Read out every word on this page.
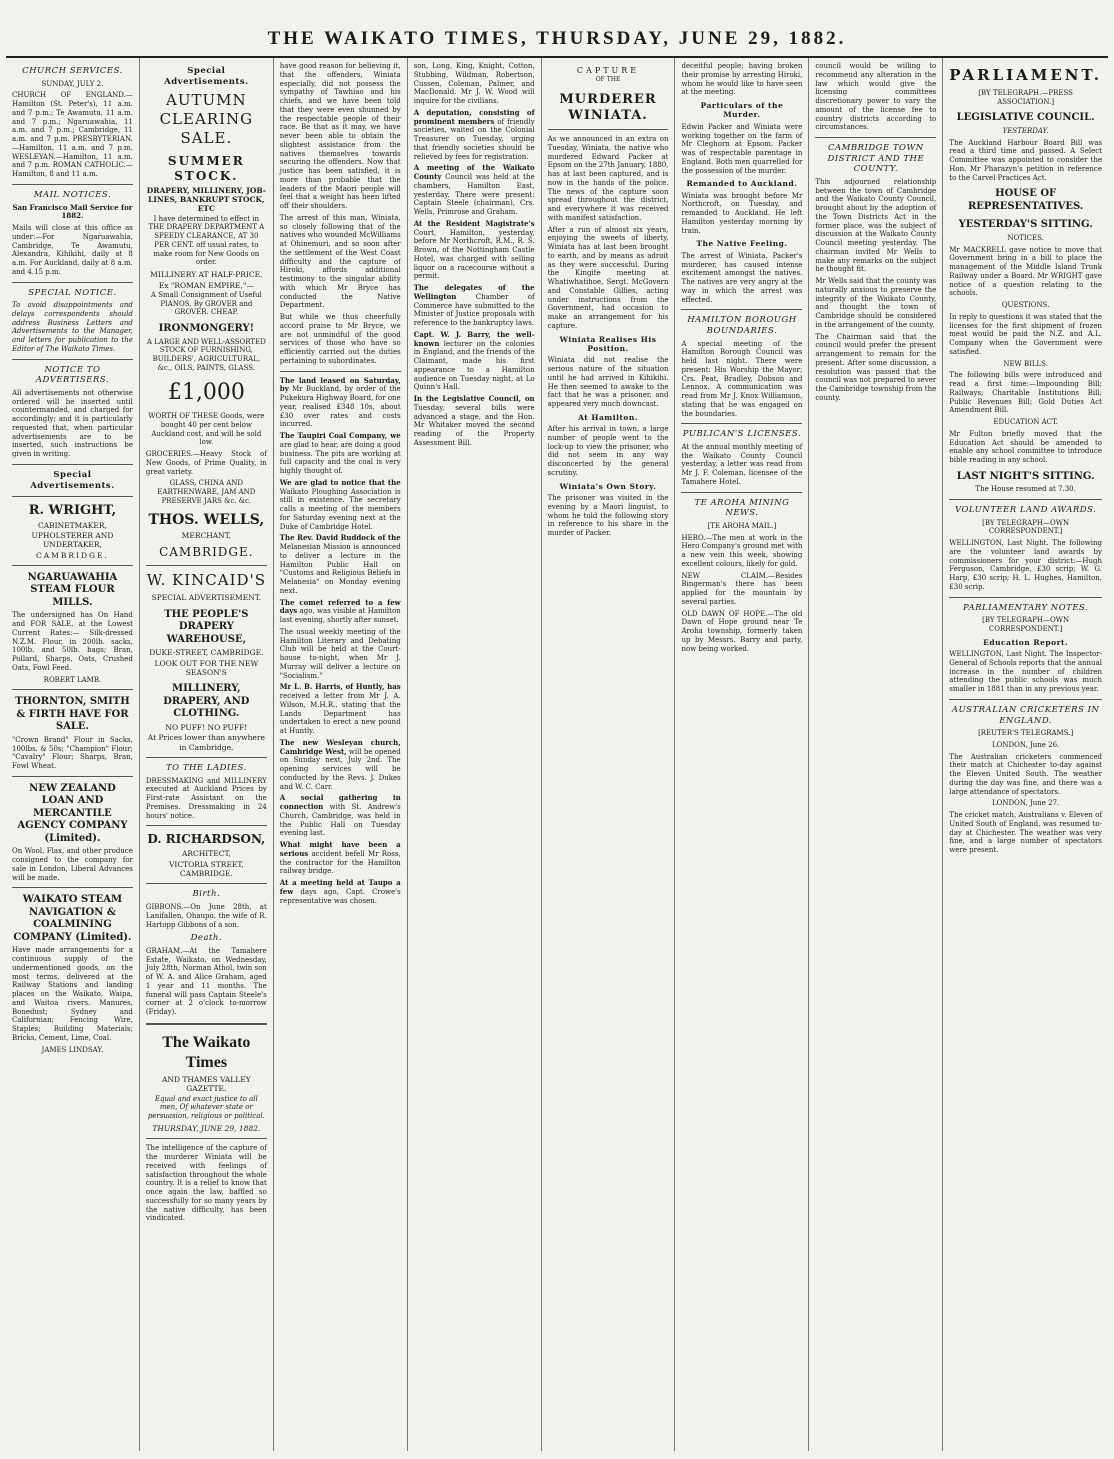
THE WAIKATO TIMES, THURSDAY, JUNE 29, 1882.
CHURCH SERVICES.

SUNDAY, JULY 2.

CHURCH OF ENGLAND.—Hamilton (St. Peter's), 11 a.m. and 7 p.m.; Te Awamutu, 11 a.m. and 7 p.m.; Ngaruawahia, 11 a.m. and 7 p.m.; Cambridge, 11 a.m. and 7 p.m. PRESBYTERIAN.—Hamilton, 11 a.m. and 7 p.m. WESLEYAN.—Hamilton, 11 a.m. and 7 p.m. ROMAN CATHOLIC.—Hamilton, 8 and 11 a.m.

MAIL NOTICES.

San Francisco Mail Service for 1882.

Mails will close at this office as under:—For Ngaruawahia, Cambridge, Te Awamutu, Alexandra, Kihikihi, daily at 8 a.m. For Auckland, daily at 8 a.m. and 4.15 p.m.

SPECIAL NOTICE.

To avoid disappointments and delays correspondents should address Business Letters and Advertisements to the Manager, and letters for publication to the Editor of The Waikato Times.

NOTICE TO ADVERTISERS.

All advertisements not otherwise ordered will be inserted until countermanded, and charged for accordingly; and it is particularly requested that, when particular advertisements are to be inserted, such instructions be given in writing.

Special Advertisements.
R. WRIGHT,
CABINETMAKER, UPHOLSTERER AND UNDERTAKER,
CAMBRIDGE.
NGARUAWAHIA STEAM FLOUR MILLS.

The undersigned has On Hand and FOR SALE, at the Lowest Current Rates:— Silk-dressed N.Z.M. Flour, in 200lb. sacks, 100lb. and 50lb. bags; Bran, Pollard, Sharps, Oats, Crushed Oats, Fowl Feed.

ROBERT LAMB.

THORNTON, SMITH & FIRTH HAVE FOR SALE.

"Crown Brand" Flour in Sacks, 100lbs. & 50s; "Champion" Flour; "Cavalry" Flour; Sharps, Bran, Fowl Wheat.

NEW ZEALAND LOAN AND MERCANTILE AGENCY COMPANY (Limited).

On Wool, Flax, and other produce consigned to the company for sale in London, Liberal Advances will be made.

WAIKATO STEAM NAVIGATION & COALMINING COMPANY (Limited).

Have made arrangements for a continuous supply of the undermentioned goods, on the most terms, delivered at the Railway Stations and landing places on the Waikato, Waipa, and Waitoa rivers. Manures, Bonedust; Sydney and Californian; Fencing Wire, Staples; Building Materials; Bricks, Cement, Lime, Coal.

JAMES LINDSAY.

Special Advertisements.
AUTUMN CLEARING SALE.
SUMMER STOCK.
DRAPERY, MILLINERY, JOB-LINES, BANKRUPT STOCK, ETC

I have determined to effect in THE DRAPERY DEPARTMENT A SPEEDY CLEARANCE, AT 30 PER CENT. off usual rates, to make room for New Goods on order.

MILLINERY AT HALF-PRICE.
Ex "ROMAN EMPIRE,"—

A Small Consignment of Useful PIANOS, By GROVER and GROVER. CHEAP.

IRONMONGERY!

A LARGE AND WELL-ASSORTED STOCK OF FURNISHING, BUILDERS', AGRICULTURAL, &c., OILS, PAINTS, GLASS.

£1,000

WORTH OF THESE Goods, were bought 40 per cent below Auckland cost, and will be sold low.

GROCERIES.—Heavy Stock of New Goods, of Prime Quality, in great variety.

GLASS, CHINA AND EARTHENWARE, JAM AND PRESERVE JARS &c. &c.

THOS. WELLS,
MERCHANT,
CAMBRIDGE.
W. KINCAID'S
SPECIAL ADVERTISEMENT.
THE PEOPLE'S DRAPERY WAREHOUSE,
DUKE-STREET, CAMBRIDGE.
LOOK OUT FOR THE NEW SEASON'S
MILLINERY, DRAPERY, AND CLOTHING.
NO PUFF! NO PUFF!
At Prices lower than anywhere in Cambridge.
TO THE LADIES.

DRESSMAKING and MILLINERY executed at Auckland Prices by First-rate Assistant on the Premises. Dressmaking in 24 hours' notice.

D. RICHARDSON,
ARCHITECT,
VICTORIA STREET, CAMBRIDGE.
Birth.

GIBBONS.—On June 28th, at Lanifallen, Ohaupo, the wife of R. Hartopp Gibbons of a son.

Death.

GRAHAM.—At the Tamahere Estate, Waikato, on Wednesday, July 28th, Norman Athol, twin son of W. A. and Alice Graham, aged 1 year and 11 months. The funeral will pass Captain Steele's corner at 2 o'clock to-morrow (Friday).

The Waikato Times
AND THAMES VALLEY GAZETTE.

Equal and exact justice to all men, Of whatever state or persuasion, religious or political.

THURSDAY, JUNE 29, 1882.

The intelligence of the capture of the murderer Winiata will be received with feelings of satisfaction throughout the whole country. It is a relief to know that once again the law, baffled so successfully for so many years by the native difficulty, has been vindicated.

have good reason for believing it, that the offenders, Winiata especially, did not possess the sympathy of Tawhiao and his chiefs, and we have been told that they were even shunned by the respectable people of their race. Be that as it may, we have never been able to obtain the slightest assistance from the natives themselves towards securing the offenders. Now that justice has been satisfied, it is more than probable that the leaders of the Maori people will feel that a weight has been lifted off their shoulders.

The arrest of this man, Winiata, so closely following that of the natives who wounded McWilliams at Ohinemuri, and so soon after the settlement of the West Coast difficulty and the capture of Hiroki, affords additional testimony to the singular ability with which Mr Bryce has conducted the Native Department.

But while we thus cheerfully accord praise to Mr Bryce, we are not unmindful of the good services of those who have so efficiently carried out the duties pertaining to subordinates.

The land leased on Saturday, by Mr Buckland, by order of the Pukekura Highway Board, for one year, realised £348 10s, about £30 over rates and costs incurred.

The Taupiri Coal Company, we are glad to hear, are doing a good business. The pits are working at full capacity and the coal is very highly thought of.

We are glad to notice that the Waikato Ploughing Association is still in existence. The secretary calls a meeting of the members for Saturday evening next at the Duke of Cambridge Hotel.

The Rev. David Ruddock of the Melanesian Mission is announced to deliver a lecture in the Hamilton Public Hall on "Customs and Religious Beliefs in Melanesia" on Monday evening next.

The comet referred to a few days ago, was visible at Hamilton last evening, shortly after sunset.

The usual weekly meeting of the Hamilton Literary and Debating Club will be held at the Court-house to-night, when Mr J. Murray will deliver a lecture on "Socialism."

Mr L. B. Harris, of Huntly, has received a letter from Mr J. A. Wilson, M.H.R., stating that the Lands Department has undertaken to erect a new pound at Huntly.

The new Wesleyan church, Cambridge West, will be opened on Sunday next, July 2nd. The opening services will be conducted by the Revs. J. Dukes and W. C. Carr.

A social gathering in connection with St. Andrew's Church, Cambridge, was held in the Public Hall on Tuesday evening last.

What might have been a serious accident befell Mr Ross, the contractor for the Hamilton railway bridge.

At a meeting held at Taupo a few days ago, Capt. Crowe's representative was chosen.

son, Long, King, Knight, Cotton, Stubbing, Wildman, Robertson, Cussen, Coleman, Palmer, and MacDonald. Mr J. W. Wood will inquire for the civilians.

A deputation, consisting of prominent members of friendly societies, waited on the Colonial Treasurer on Tuesday, urging that friendly societies should be relieved by fees for registration.

A meeting of the Waikato County Council was held at the chambers, Hamilton East, yesterday. There were present: Captain Steele (chairman), Crs. Wells, Primrose and Graham.

At the Resident Magistrate's Court, Hamilton, yesterday, before Mr Northcroft, R.M., R. S. Brown, of the Nottingham Castle Hotel, was charged with selling liquor on a racecourse without a permit.

The delegates of the Wellington	Chamber of Commerce have submitted to the Minister of Justice proposals with reference to the bankruptcy laws.

Capt. W. J. Barry, the well-known lecturer on the colonies in England, and the friends of the Claimant, made his first appearance to a Hamilton audience on Tuesday night, at Lo Quinn's Hall.

In the Legislative Council, on Tuesday, several bills were advanced a stage, and the Hon. Mr Whitaker moved the second reading of the Property Assessment Bill.

CAPTURE
OF THE
MURDERER WINIATA.

As we announced in an extra on Tuesday, Winiata, the native who murdered Edward Packer at Epsom on the 27th January, 1880, has at last been captured, and is now in the hands of the police. The news of the capture soon spread throughout the district, and everywhere it was received with manifest satisfaction.

After a run of almost six years, enjoying the sweets of liberty, Winiata has at last been brought to earth, and by means as adroit as they were successful. During the Kingite meeting at Whatiwhatihoe, Sergt. McGovern and Constable Gillies, acting under instructions from the Government, had occasion to make an arrangement for his capture.

Winiata Realises His Position.

Winiata did not realise the serious nature of the situation until he had arrived in Kihikihi. He then seemed to awake to the fact that he was a prisoner, and appeared very much downcast.

At Hamilton.

After his arrival in town, a large number of people went to the lock-up to view the prisoner, who did not seem in any way disconcerted by the general scrutiny.

Winiata's Own Story.

The prisoner was visited in the evening by a Maori linguist, to whom he told the following story in reference to his share in the murder of Packer.

deceitful people; having broken their promise by arresting Hiroki, whom he would like to have seen at the meeting.

Particulars of the Murder.

Edwin Packer and Winiata were working together on the farm of Mr Cleghorn at Epsom. Packer was of respectable parentage in England. Both men quarrelled for the possession of the murder.

Remanded to Auckland.

Winiata was brought before Mr Northcroft, on Tuesday, and remanded to Auckland. He left Hamilton yesterday morning by train.

The Native Feeling.

The arrest of Winiata, Packer's murderer, has caused intense excitement amongst the natives. The natives are very angry at the way in which the arrest was effected.

HAMILTON BOROUGH BOUNDARIES.

A special meeting of the Hamilton Borough Council was held last night. There were present: His Worship the Mayor; Crs. Peat, Bradley, Dobson and Lennox. A communication was read from Mr J. Knox Williamson, stating that he was engaged on the boundaries.

PUBLICAN'S LICENSES.

At the annual monthly meeting of the Waikato County Council yesterday, a letter was read from Mr J. F. Coleman, licensee of the Tamahere Hotel.

TE AROHA MINING NEWS.

[TE AROHA MAIL.]

HERO.—The men at work in the Hero Company's ground met with a new vein this week, showing excellent colours, likely for gold.

NEW CLAIM.—Besides Bingerman's there has been applied for the mountain by several parties.

OLD DAWN OF HOPE.—The old Dawn of Hope ground near Te Aroha township, formerly taken up by Messrs. Barry and party, now being worked.

council would be willing to recommend any alteration in the law which would give the licensing committees discretionary power to vary the amount of the license fee to country districts according to circumstances.

CAMBRIDGE TOWN DISTRICT AND THE COUNTY.

This adjourned relationship between the town of Cambridge and the Waikato County Council, brought about by the adoption of the Town Districts Act in the former place, was the subject of discussion at the Waikato County Council meeting yesterday. The chairman invited Mr Wells to make any remarks on the subject he thought fit.

Mr Wells said that the county was naturally anxious to preserve the integrity of the Waikato County, and thought the town of Cambridge should be considered in the arrangement of the county.

The Chairman said that the council would prefer the present arrangement to remain for the present. After some discussion, a resolution was passed that the council was not prepared to sever the Cambridge township from the county.

PARLIAMENT.

[BY TELEGRAPH.—PRESS ASSOCIATION.]

LEGISLATIVE COUNCIL.

YESTERDAY.

The Auckland Harbour Board Bill was read a third time and passed. A Select Committee was appointed to consider the Hon. Mr Pharazyn's petition in reference to the Carvel Practices Act.

HOUSE OF REPRESENTATIVES.
YESTERDAY'S SITTING.

NOTICES.

Mr MACKRELL gave notice to move that Government bring in a bill to place the management of the Middle Island Trunk Railway under a Board. Mr WRIGHT gave notice of a question relating to the schools.

QUESTIONS.

In reply to questions it was stated that the licenses for the first shipment of frozen meat would be paid the N.Z. and A.L. Company when the Government were satisfied.

NEW BILLS.

The following bills were introduced and read a first time:—Impounding Bill; Railways; Charitable Institutions Bill; Public Revenues Bill; Gold Duties Act Amendment Bill.

EDUCATION ACT.

Mr Fulton briefly moved that the Education Act should be amended to enable any school committee to introduce bible reading in any school.

LAST NIGHT'S SITTING.

The House resumed at 7.30.

VOLUNTEER LAND AWARDS.

[BY TELEGRAPH—OWN CORRESPONDENT.]

WELLINGTON, Last Night. The following are the volunteer land awards by commissioners for your district:—Hugh Ferguson, Cambridge, £30 scrip; W. G. Harp, £30 scrip; H. L. Hughes, Hamilton, £30 scrip.

PARLIAMENTARY NOTES.

[BY TELEGRAPH—OWN CORRESPONDENT.]

Education Report.

WELLINGTON, Last Night. The Inspector-General of Schools reports that the annual increase in the number of children attending the public schools was much smaller in 1881 than in any previous year.

AUSTRALIAN CRICKETERS IN ENGLAND.

[REUTER'S TELEGRAMS.]

LONDON, June 26.

The Australian cricketers commenced their match at Chichester to-day against the Eleven United South. The weather during the day was fine, and there was a large attendance of spectators.

LONDON, June 27.

The cricket match, Australians v. Eleven of United South of England, was resumed to-day at Chichester. The weather was very fine, and a large number of spectators were present.
